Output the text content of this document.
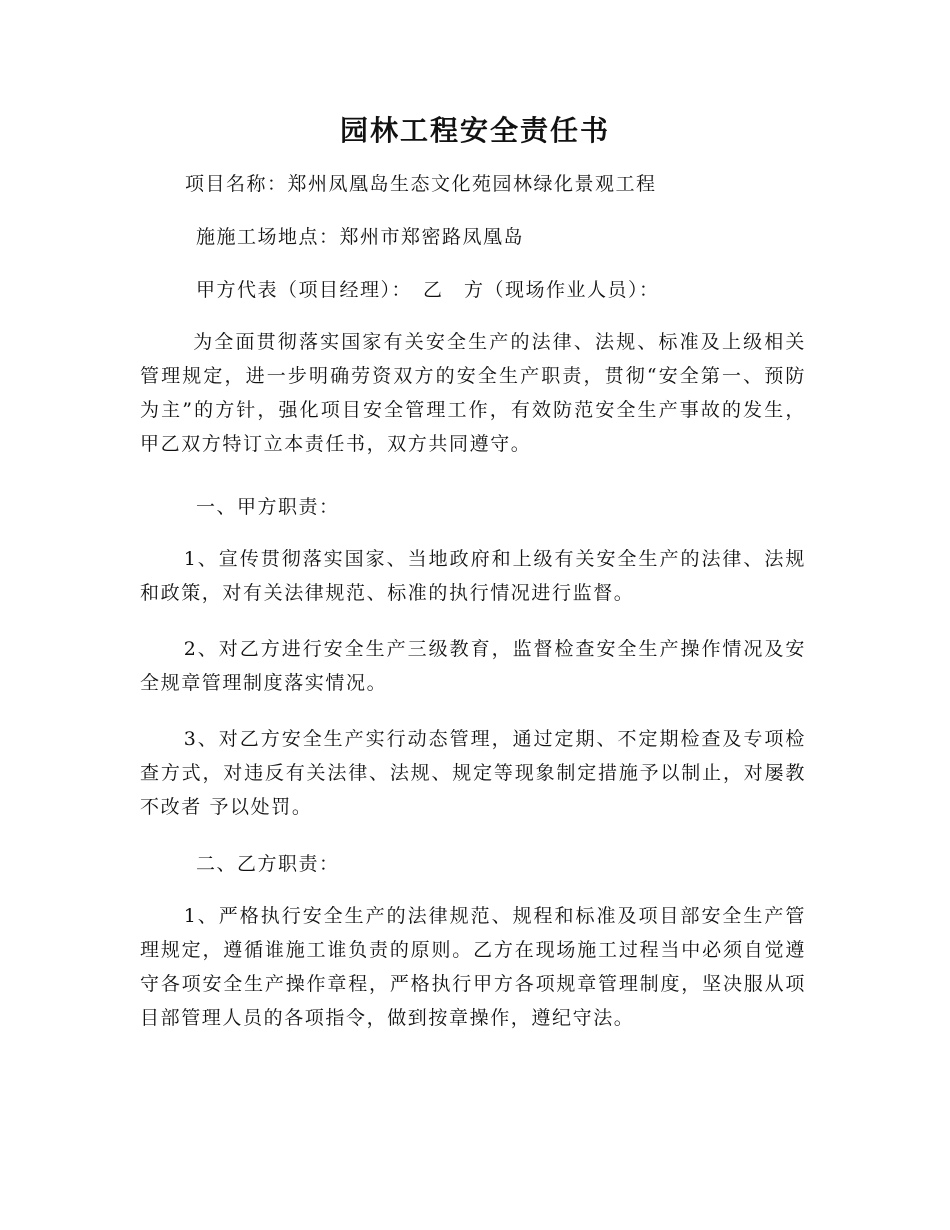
园林工程安全责任书
项目名称：郑州凤凰岛生态文化苑园林绿化景观工程
施施工场地点：郑州市郑密路凤凰岛
甲方代表（项目经理）：　乙　方（现场作业人员）：

为全面贯彻落实国家有关安全生产的法律、法规、标准及上级相关管理规定，进一步明确劳资双方的安全生产职责，贯彻“安全第一、预防为主”的方针，强化项目安全管理工作，有效防范安全生产事故的发生，甲乙双方特订立本责任书，双方共同遵守。

一、甲方职责：

1、宣传贯彻落实国家、当地政府和上级有关安全生产的法律、法规和政策，对有关法律规范、标准的执行情况进行监督。

2、对乙方进行安全生产三级教育，监督检查安全生产操作情况及安全规章管理制度落实情况。

3、对乙方安全生产实行动态管理，通过定期、不定期检查及专项检查方式，对违反有关法律、法规、规定等现象制定措施予以制止，对屡教不改者 予以处罚。

二、乙方职责：

1、严格执行安全生产的法律规范、规程和标准及项目部安全生产管理规定，遵循谁施工谁负责的原则。乙方在现场施工过程当中必须自觉遵守各项安全生产操作章程，严格执行甲方各项规章管理制度，坚决服从项目部管理人员的各项指令，做到按章操作，遵纪守法。
